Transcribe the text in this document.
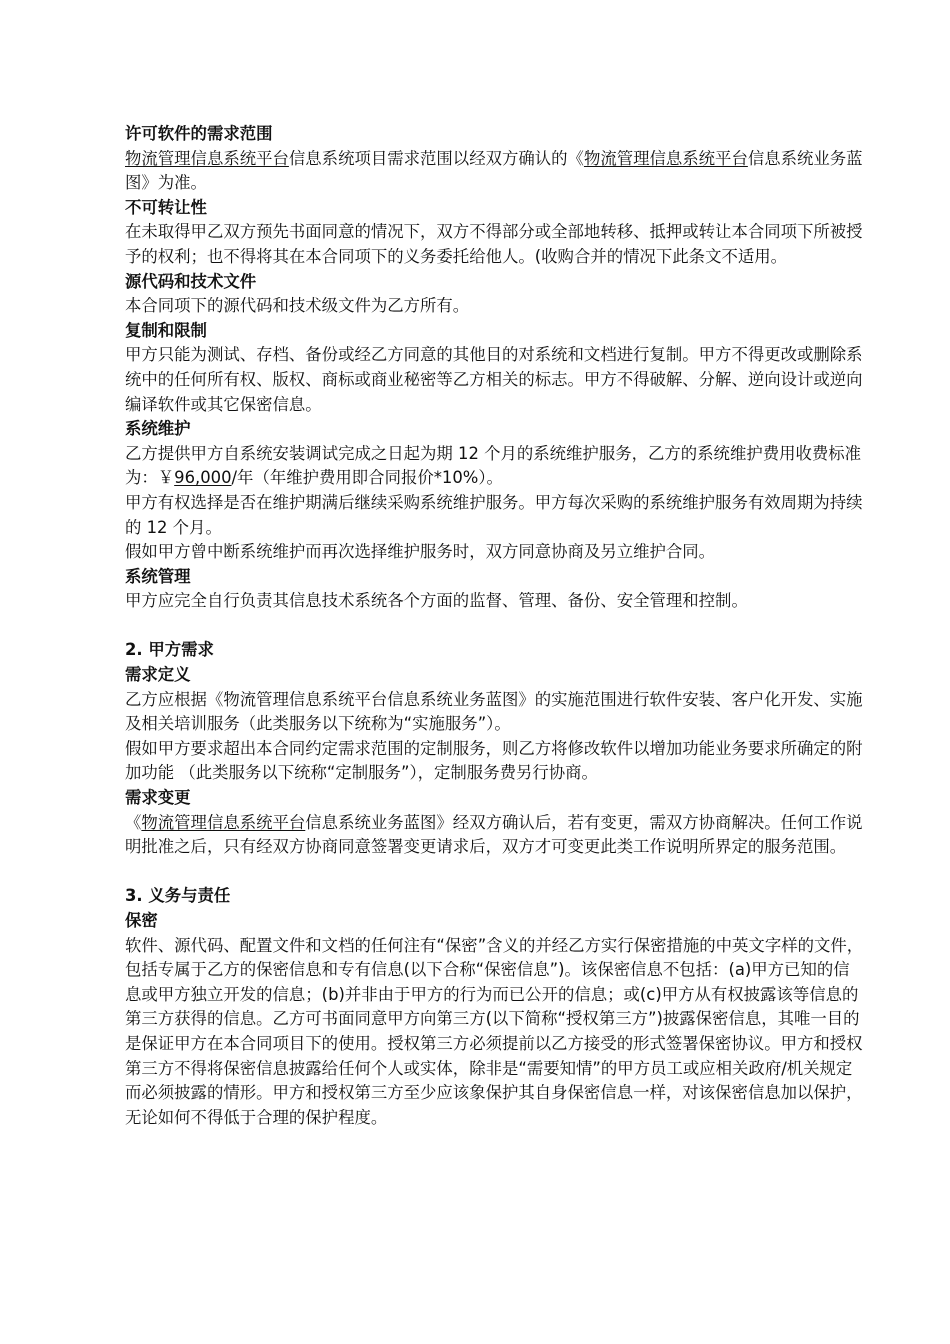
许可软件的需求范围

物流管理信息系统平台信息系统项目需求范围以经双方确认的《物流管理信息系统平台信息系统业务蓝图》为准。

不可转让性

在未取得甲乙双方预先书面同意的情况下，双方不得部分或全部地转移、抵押或转让本合同项下所被授予的权利；也不得将其在本合同项下的义务委托给他人。(收购合并的情况下此条文不适用。

源代码和技术文件

本合同项下的源代码和技术级文件为乙方所有。

复制和限制

甲方只能为测试、存档、备份或经乙方同意的其他目的对系统和文档进行复制。甲方不得更改或删除系统中的任何所有权、版权、商标或商业秘密等乙方相关的标志。甲方不得破解、分解、逆向设计或逆向编译软件或其它保密信息。

系统维护

乙方提供甲方自系统安装调试完成之日起为期 12 个月的系统维护服务，乙方的系统维护费用收费标准为：￥96,000/年（年维护费用即合同报价*10%）。

甲方有权选择是否在维护期满后继续采购系统维护服务。甲方每次采购的系统维护服务有效周期为持续的 12 个月。

假如甲方曾中断系统维护而再次选择维护服务时，双方同意协商及另立维护合同。

系统管理

甲方应完全自行负责其信息技术系统各个方面的监督、管理、备份、安全管理和控制。

2. 甲方需求

需求定义

乙方应根据《物流管理信息系统平台信息系统业务蓝图》的实施范围进行软件安装、客户化开发、实施及相关培训服务（此类服务以下统称为“实施服务”）。

假如甲方要求超出本合同约定需求范围的定制服务，则乙方将修改软件以增加功能业务要求所确定的附加功能 （此类服务以下统称“定制服务”），定制服务费另行协商。

需求变更

《物流管理信息系统平台信息系统业务蓝图》经双方确认后，若有变更，需双方协商解决。任何工作说明批准之后，只有经双方协商同意签署变更请求后，双方才可变更此类工作说明所界定的服务范围。

3. 义务与责任

保密

软件、源代码、配置文件和文档的任何注有“保密”含义的并经乙方实行保密措施的中英文字样的文件，包括专属于乙方的保密信息和专有信息(以下合称“保密信息”)。该保密信息不包括：(a)甲方已知的信息或甲方独立开发的信息；(b)并非由于甲方的行为而已公开的信息；或(c)甲方从有权披露该等信息的第三方获得的信息。乙方可书面同意甲方向第三方(以下简称“授权第三方”)披露保密信息，其唯一目的是保证甲方在本合同项目下的使用。授权第三方必须提前以乙方接受的形式签署保密协议。甲方和授权第三方不得将保密信息披露给任何个人或实体，除非是“需要知情”的甲方员工或应相关政府/机关规定而必须披露的情形。甲方和授权第三方至少应该象保护其自身保密信息一样，对该保密信息加以保护，无论如何不得低于合理的保护程度。
